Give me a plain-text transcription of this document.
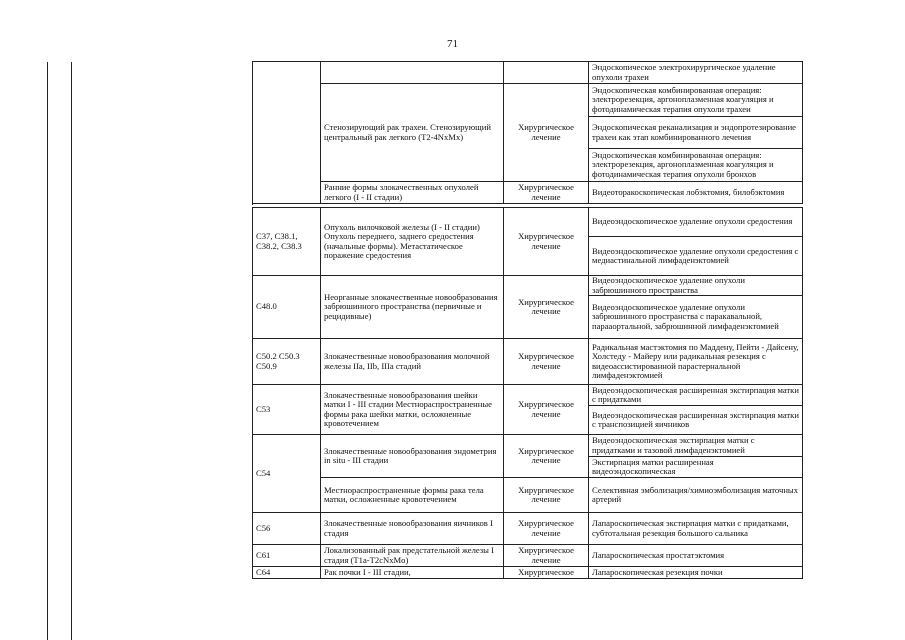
71
			Эндоскопическое электрохирургическое удаление опухоли трахеи
	Стенозирующий рак трахеи. Стенозирующий центральный рак легкого (T2-4NxMx)	Хирургическое лечение	Эндоскопическая комбинированная операция: электрорезекция, аргоноплазменная коагуляция и фотодинамическая терапия опухоли трахеи
			Эндоскопическая реканализация и эндопротезирование трахеи как этап комбинированного лечения
			Эндоскопическая комбинированная операция: электрорезекция, аргоноплазменная коагуляция и фотодинамическая терапия опухоли бронхов
	Ранние формы злокачественных опухолей легкого (I - II стадии)	Хирургическое лечение	Видеоторакоскопическая лобэктомия, билобэктомия

C37, C38.1, C38.2, C38.3	Опухоль вилочковой железы (I - II стадии) Опухоль переднего, заднего средостения (начальные формы). Метастатическое поражение средостения	Хирургическое лечение	Видеоэндоскопическое удаление опухоли средостения
			Видеоэндоскопическое удаление опухоли средостения с медиастинальной лимфаденэктомией
C48.0	Неорганные злокачественные новообразования забрюшинного пространства (первичные и рецидивные)	Хирургическое лечение	Видеоэндоскопическое удаление опухоли забрюшинного пространства
			Видеоэндоскопическое удаление опухоли забрюшинного пространства с паракавальной, парааортальной, забрюшинной лимфаденэктомией
C50.2 C50.3 C50.9	Злокачественные новообразования молочной железы IIa, IIb, IIIa стадий	Хирургическое лечение	Радикальная мастэктомия по Маддену, Пейти - Дайсену, Холстеду - Майеру или радикальная резекция с видеоассистированной парастернальной лимфаденэктомией
C53	Злокачественные новообразования шейки матки I - III стадии Местнораспространенные формы рака шейки матки, осложненные кровотечением	Хирургическое лечение	Видеоэндоскопическая расширенная экстирпация матки с придатками
			Видеоэндоскопическая расширенная экстирпация матки с транспозицией яичников
C54	Злокачественные новообразования эндометрия in situ - III стадии	Хирургическое лечение	Видеоэндоскопическая экстирпация матки с придатками и тазовой лимфаденэктомией
			Экстирпация матки расширенная видеоэндоскопическая
	Местнораспространенные формы рака тела матки, осложненные кровотечением	Хирургическое лечение	Селективная эмболизация/химиоэмболизация маточных артерий
C56	Злокачественные новообразования яичников I стадия	Хирургическое лечение	Лапароскопическая экстирпация матки с придатками, субтотальная резекция большого сальника
C61	Локализованный рак предстательной железы I стадия (T1a-T2cNxMo)	Хирургическое лечение	Лапароскопическая простатэктомия
C64	Рак почки I - III стадии,	Хирургическое	Лапароскопическая резекция почки
